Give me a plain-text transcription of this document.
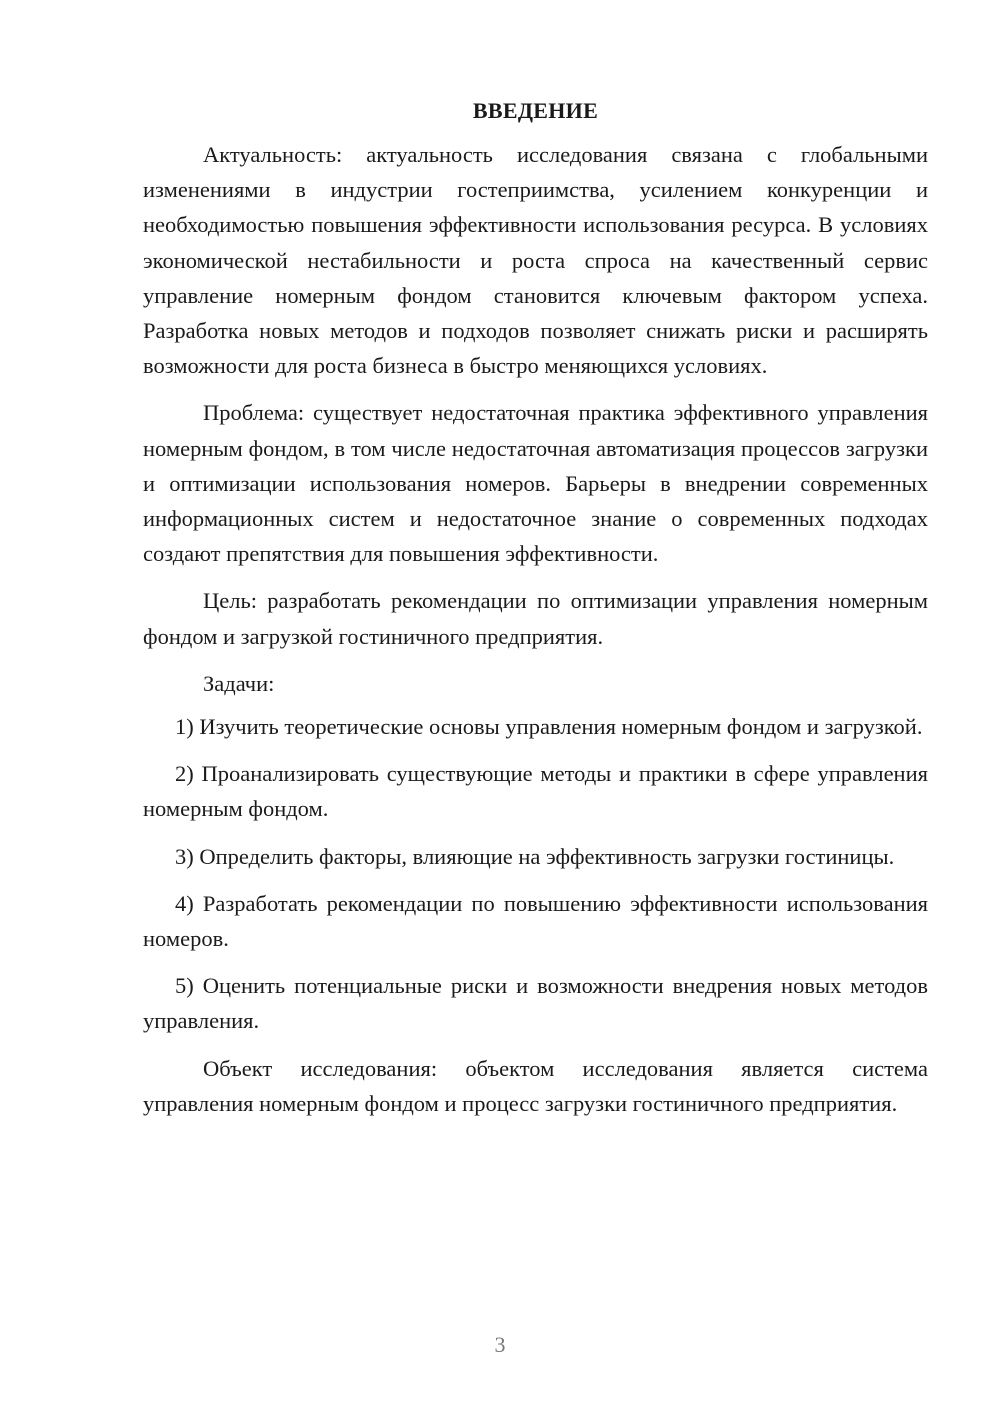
ВВЕДЕНИЕ

Актуальность: актуальность исследования связана с глобальными изменениями в индустрии гостеприимства, усилением конкуренции и необходимостью повышения эффективности использования ресурса. В условиях экономической нестабильности и роста спроса на качественный сервис управление номерным фондом становится ключевым фактором успеха. Разработка новых методов и подходов позволяет снижать риски и расширять возможности для роста бизнеса в быстро меняющихся условиях.

Проблема: существует недостаточная практика эффективного управления номерным фондом, в том числе недостаточная автоматизация процессов загрузки и оптимизации использования номеров. Барьеры в внедрении современных информационных систем и недостаточное знание о современных подходах создают препятствия для повышения эффективности.

Цель: разработать рекомендации по оптимизации управления номерным фондом и загрузкой гостиничного предприятия.

Задачи:

1) Изучить теоретические основы управления номерным фондом и загрузкой.

2) Проанализировать существующие методы и практики в сфере управления номерным фондом.

3) Определить факторы, влияющие на эффективность загрузки гостиницы.

4) Разработать рекомендации по повышению эффективности использования номеров.

5) Оценить потенциальные риски и возможности внедрения новых методов управления.

Объект исследования: объектом исследования является система управления номерным фондом и процесс загрузки гостиничного предприятия.

3
